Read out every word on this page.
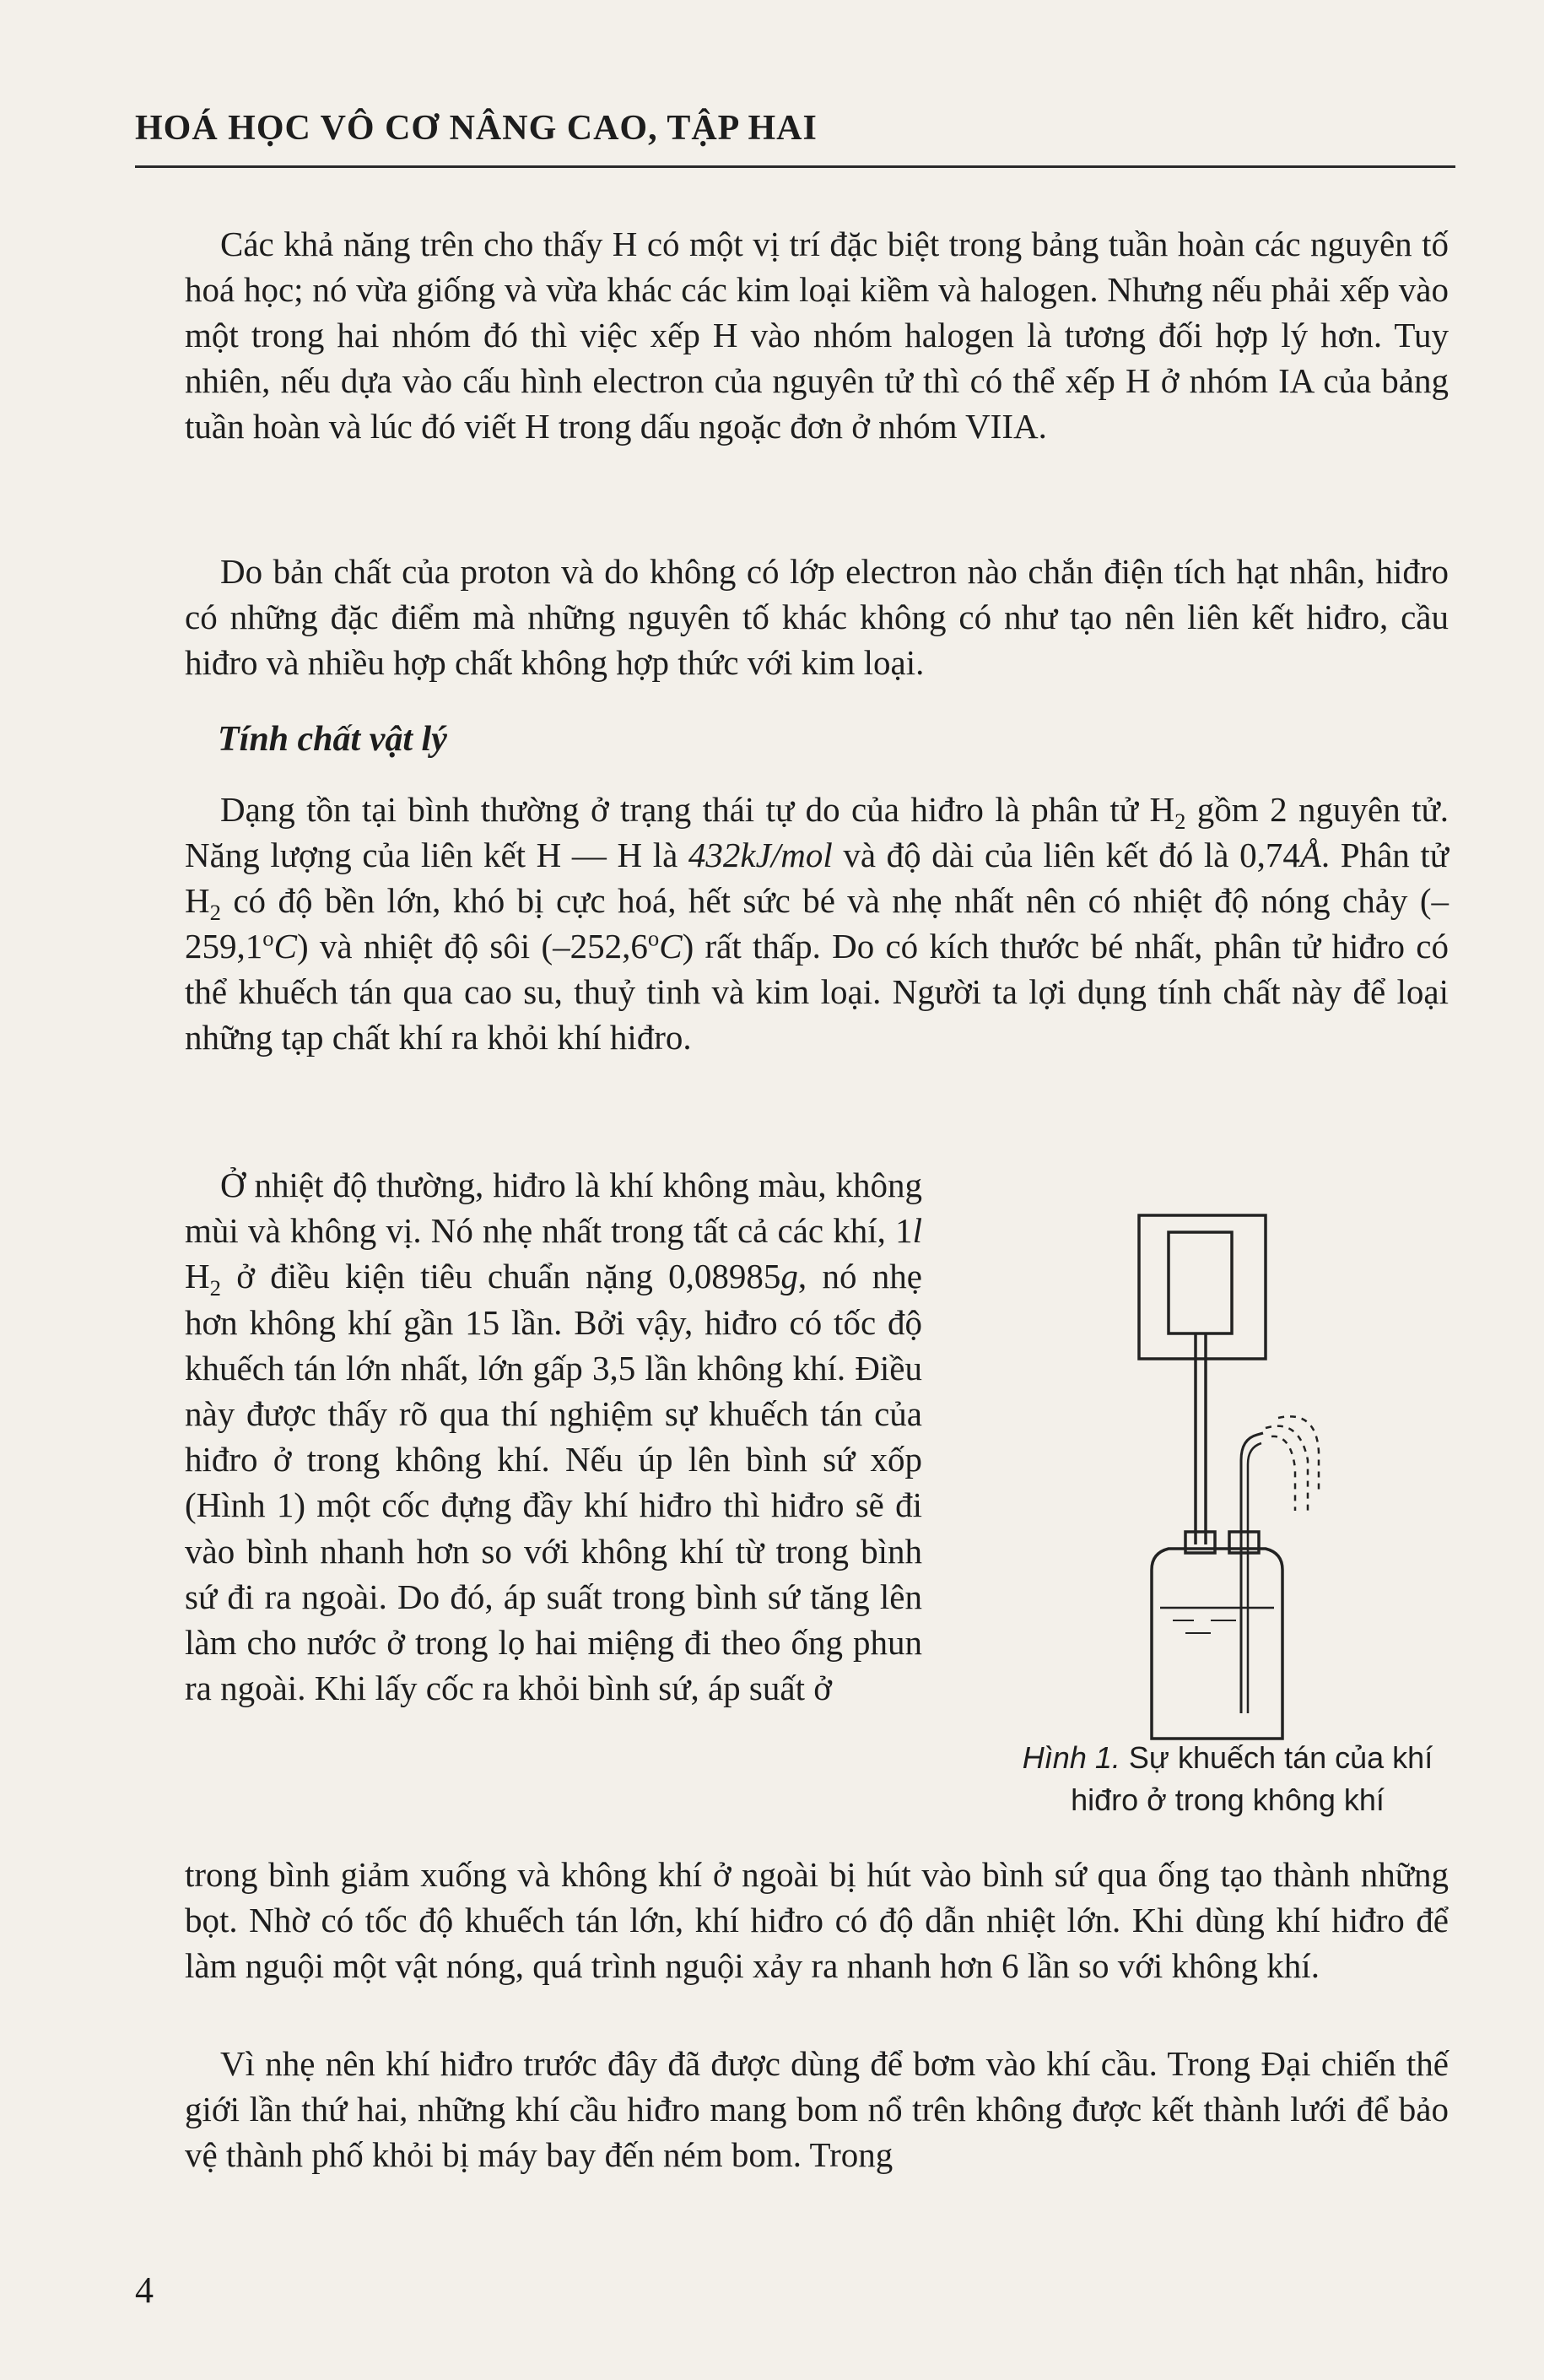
HOÁ HỌC VÔ CƠ NÂNG CAO, TẬP HAI

Các khả năng trên cho thấy H có một vị trí đặc biệt trong bảng tuần hoàn các nguyên tố hoá học; nó vừa giống và vừa khác các kim loại kiềm và halogen. Nhưng nếu phải xếp vào một trong hai nhóm đó thì việc xếp H vào nhóm halogen là tương đối hợp lý hơn. Tuy nhiên, nếu dựa vào cấu hình electron của nguyên tử thì có thể xếp H ở nhóm IA của bảng tuần hoàn và lúc đó viết H trong dấu ngoặc đơn ở nhóm VIIA.

Do bản chất của proton và do không có lớp electron nào chắn điện tích hạt nhân, hiđro có những đặc điểm mà những nguyên tố khác không có như tạo nên liên kết hiđro, cầu hiđro và nhiều hợp chất không hợp thức với kim loại.

Tính chất vật lý

Dạng tồn tại bình thường ở trạng thái tự do của hiđro là phân tử $H_2$ gồm 2 nguyên tử. Năng lượng của liên kết H — H là 432kJ/mol và độ dài của liên kết đó là 0,74Å. Phân tử $H_2$ có độ bền lớn, khó bị cực hoá, hết sức bé và nhẹ nhất nên có nhiệt độ nóng chảy (–259,1$^o$C) và nhiệt độ sôi (–252,6$^o$C) rất thấp. Do có kích thước bé nhất, phân tử hiđro có thể khuếch tán qua cao su, thuỷ tinh và kim loại. Người ta lợi dụng tính chất này để loại những tạp chất khí ra khỏi khí hiđro.

Ở nhiệt độ thường, hiđro là khí không màu, không mùi và không vị. Nó nhẹ nhất trong tất cả các khí, 1l $H_2$ ở điều kiện tiêu chuẩn nặng 0,08985g, nó nhẹ hơn không khí gần 15 lần. Bởi vậy, hiđro có tốc độ khuếch tán lớn nhất, lớn gấp 3,5 lần không khí. Điều này được thấy rõ qua thí nghiệm sự khuếch tán của hiđro ở trong không khí. Nếu úp lên bình sứ xốp (Hình 1) một cốc đựng đầy khí hiđro thì hiđro sẽ đi vào bình nhanh hơn so với không khí từ trong bình sứ đi ra ngoài. Do đó, áp suất trong bình sứ tăng lên làm cho nước ở trong lọ hai miệng đi theo ống phun ra ngoài. Khi lấy cốc ra khỏi bình sứ, áp suất ở

trong bình giảm xuống và không khí ở ngoài bị hút vào bình sứ qua ống tạo thành những bọt. Nhờ có tốc độ khuếch tán lớn, khí hiđro có độ dẫn nhiệt lớn. Khi dùng khí hiđro để làm nguội một vật nóng, quá trình nguội xảy ra nhanh hơn 6 lần so với không khí.

Vì nhẹ nên khí hiđro trước đây đã được dùng để bơm vào khí cầu. Trong Đại chiến thế giới lần thứ hai, những khí cầu hiđro mang bom nổ trên không được kết thành lưới để bảo vệ thành phố khỏi bị máy bay đến ném bom. Trong

Hình 1. Sự khuếch tán của khí hiđro ở trong không khí
4
